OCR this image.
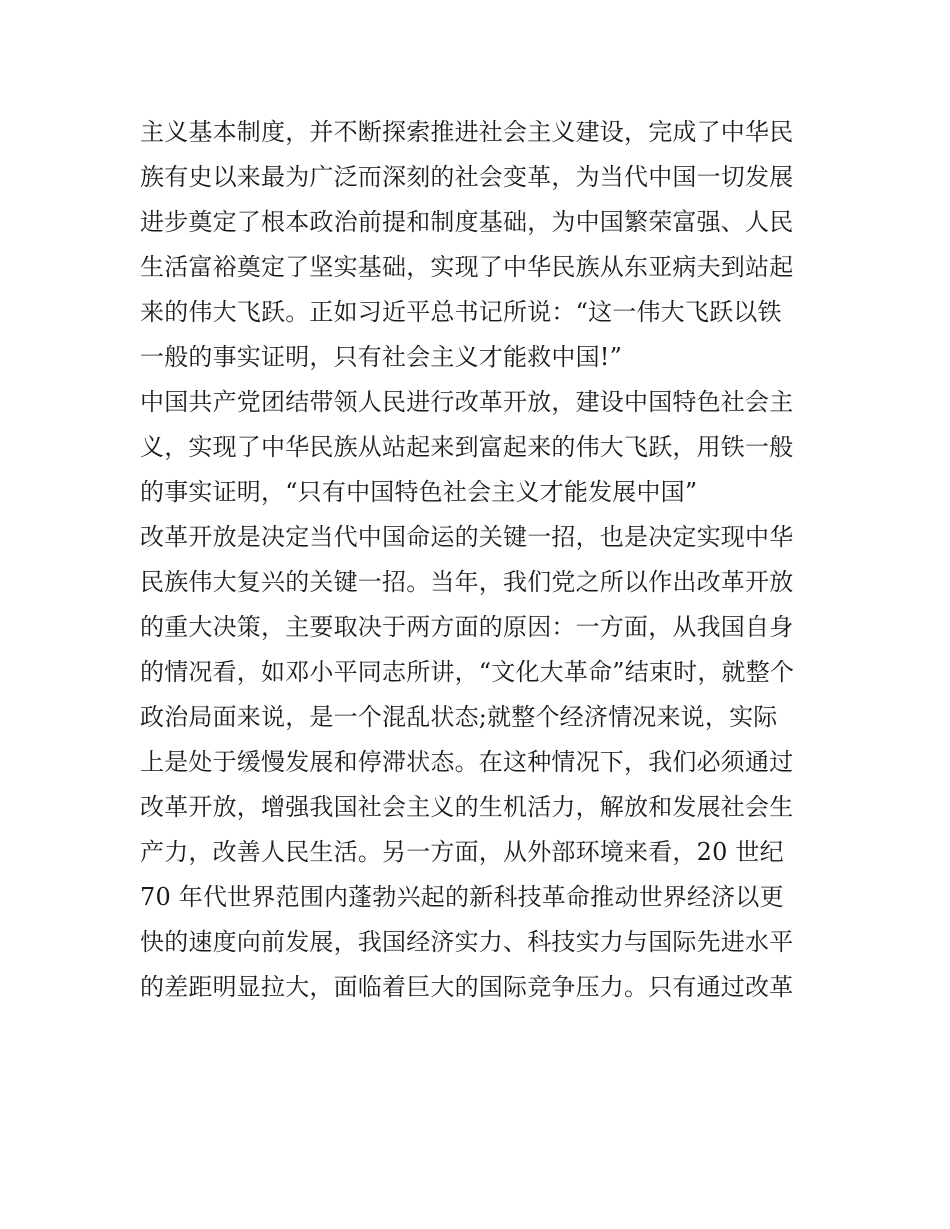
主义基本制度，并不断探索推进社会主义建设，完成了中华民
族有史以来最为广泛而深刻的社会变革，为当代中国一切发展
进步奠定了根本政治前提和制度基础，为中国繁荣富强、人民
生活富裕奠定了坚实基础，实现了中华民族从东亚病夫到站起
来的伟大飞跃。正如习近平总书记所说：“这一伟大飞跃以铁
一般的事实证明，只有社会主义才能救中国!”
中国共产党团结带领人民进行改革开放，建设中国特色社会主
义，实现了中华民族从站起来到富起来的伟大飞跃，用铁一般
的事实证明，“只有中国特色社会主义才能发展中国”
改革开放是决定当代中国命运的关键一招，也是决定实现中华
民族伟大复兴的关键一招。当年，我们党之所以作出改革开放
的重大决策，主要取决于两方面的原因：一方面，从我国自身
的情况看，如邓小平同志所讲，“文化大革命”结束时，就整个
政治局面来说，是一个混乱状态;就整个经济情况来说，实际
上是处于缓慢发展和停滞状态。在这种情况下，我们必须通过
改革开放，增强我国社会主义的生机活力，解放和发展社会生
产力，改善人民生活。另一方面，从外部环境来看，20 世纪
70 年代世界范围内蓬勃兴起的新科技革命推动世界经济以更
快的速度向前发展，我国经济实力、科技实力与国际先进水平
的差距明显拉大，面临着巨大的国际竞争压力。只有通过改革
